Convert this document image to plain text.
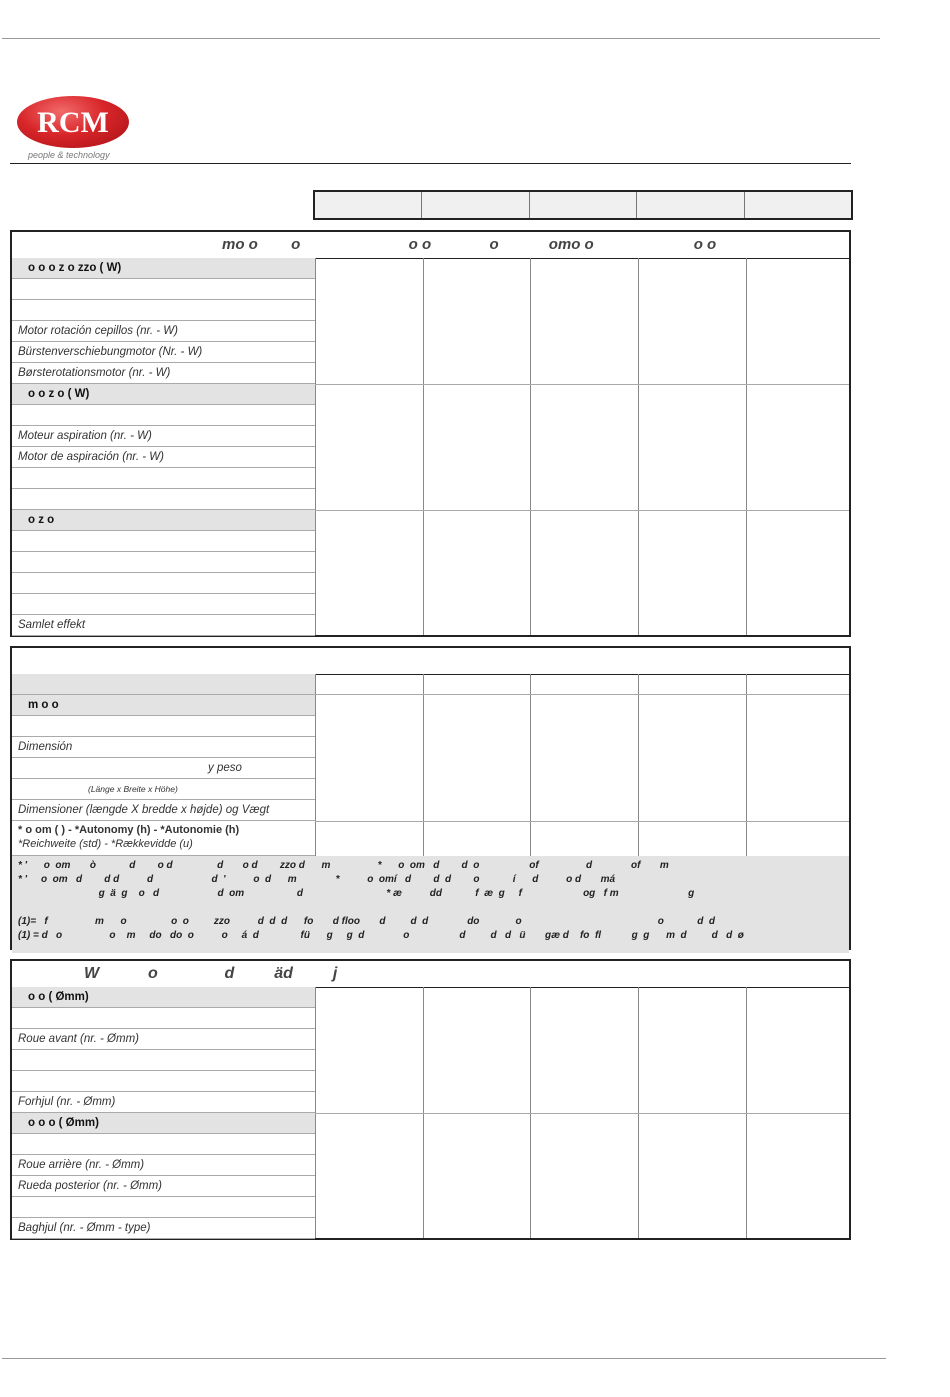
RCM
people & technology
mo o        o                          o o              o            omo o                        o o
o o o z o zzo ( W)
Motor rotación cepillos (nr. - W)
Bürstenverschiebungmotor (Nr. - W)
Børsterotationsmotor (nr. - W)
o o z o ( W)
Moteur aspiration (nr. - W)
Motor de aspiración (nr. - W)
o z o
Samlet effekt
m o o
Dimensión
y peso
(Länge x Breite x Höhe)
Dimensioner (længde X bredde x højde) og Vægt
* o om ( ) - *Autonomy (h) - *Autonomie (h)
*Reichweite (std) - *Rækkevidde (u)
* '      o  om       ò            d        o d                d       o d        zzo d      m                 *      o  om   d        d  o                  of                 d              of       m
* '     o  om   d        d d          d                     d  '          o  d      m              *          o  omí   d        d  d        o            í      d          o d       má
g  ä  g    o   d                     d  om                   d                              * æ          dd            f  æ  g     f                      og   f m                         g
(1)=   f                 m      o                o  o         zzo          d  d  d      fo       d floo       d         d  d              do             o                                                 o            d  d
(1) = d   o                 o    m     do   do  o          o     á  d               fü      g     g  d              o                  d         d   d   ü       gæ d    fo  fl           g  g      m  d         d   d  ø
W           o               d         äd         j
o o ( Ømm)
Roue avant (nr. - Ømm)
Forhjul (nr. - Ømm)
o o o ( Ømm)
Roue arrière (nr. - Ømm)
Rueda posterior (nr. - Ømm)
Baghjul (nr. - Ømm - type)
